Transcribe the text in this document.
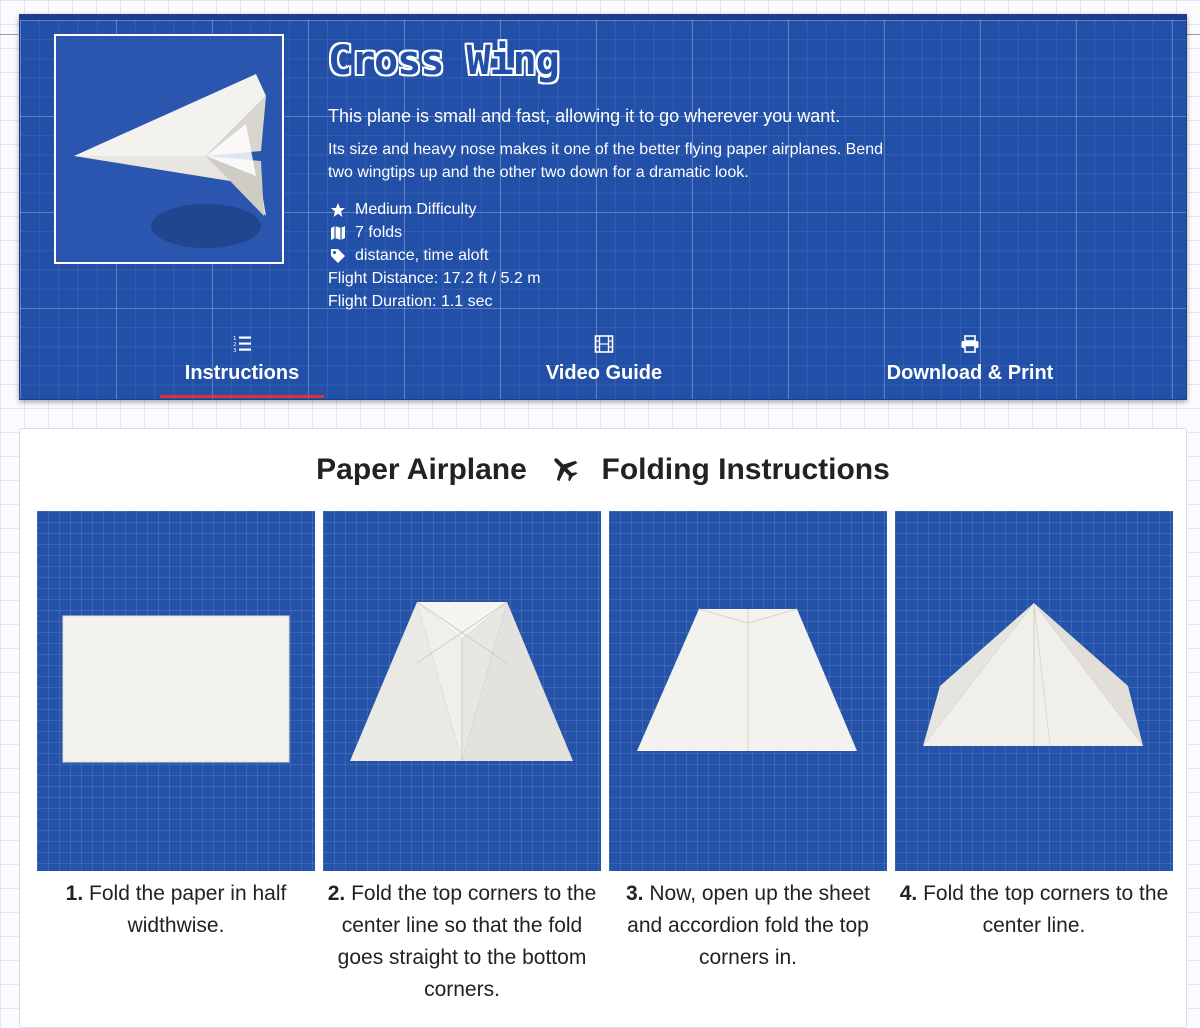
Cross Wing

This plane is small and fast, allowing it to go wherever you want.

Its size and heavy nose makes it one of the better flying paper airplanes. Bend two wingtips up and the other two down for a dramatic look.

Medium Difficulty
7 folds
distance, time aloft
Flight Distance: 17.2 ft / 5.2 m
Flight Duration: 1.1 sec
1
2
3
Instructions	Video Guide	Download & Print
Paper Airplane Folding Instructions
1. Fold the paper in half widthwise.
2. Fold the top corners to the center line so that the fold goes straight to the bottom corners.
3. Now, open up the sheet and accordion fold the top corners in.
4. Fold the top corners to the center line.
